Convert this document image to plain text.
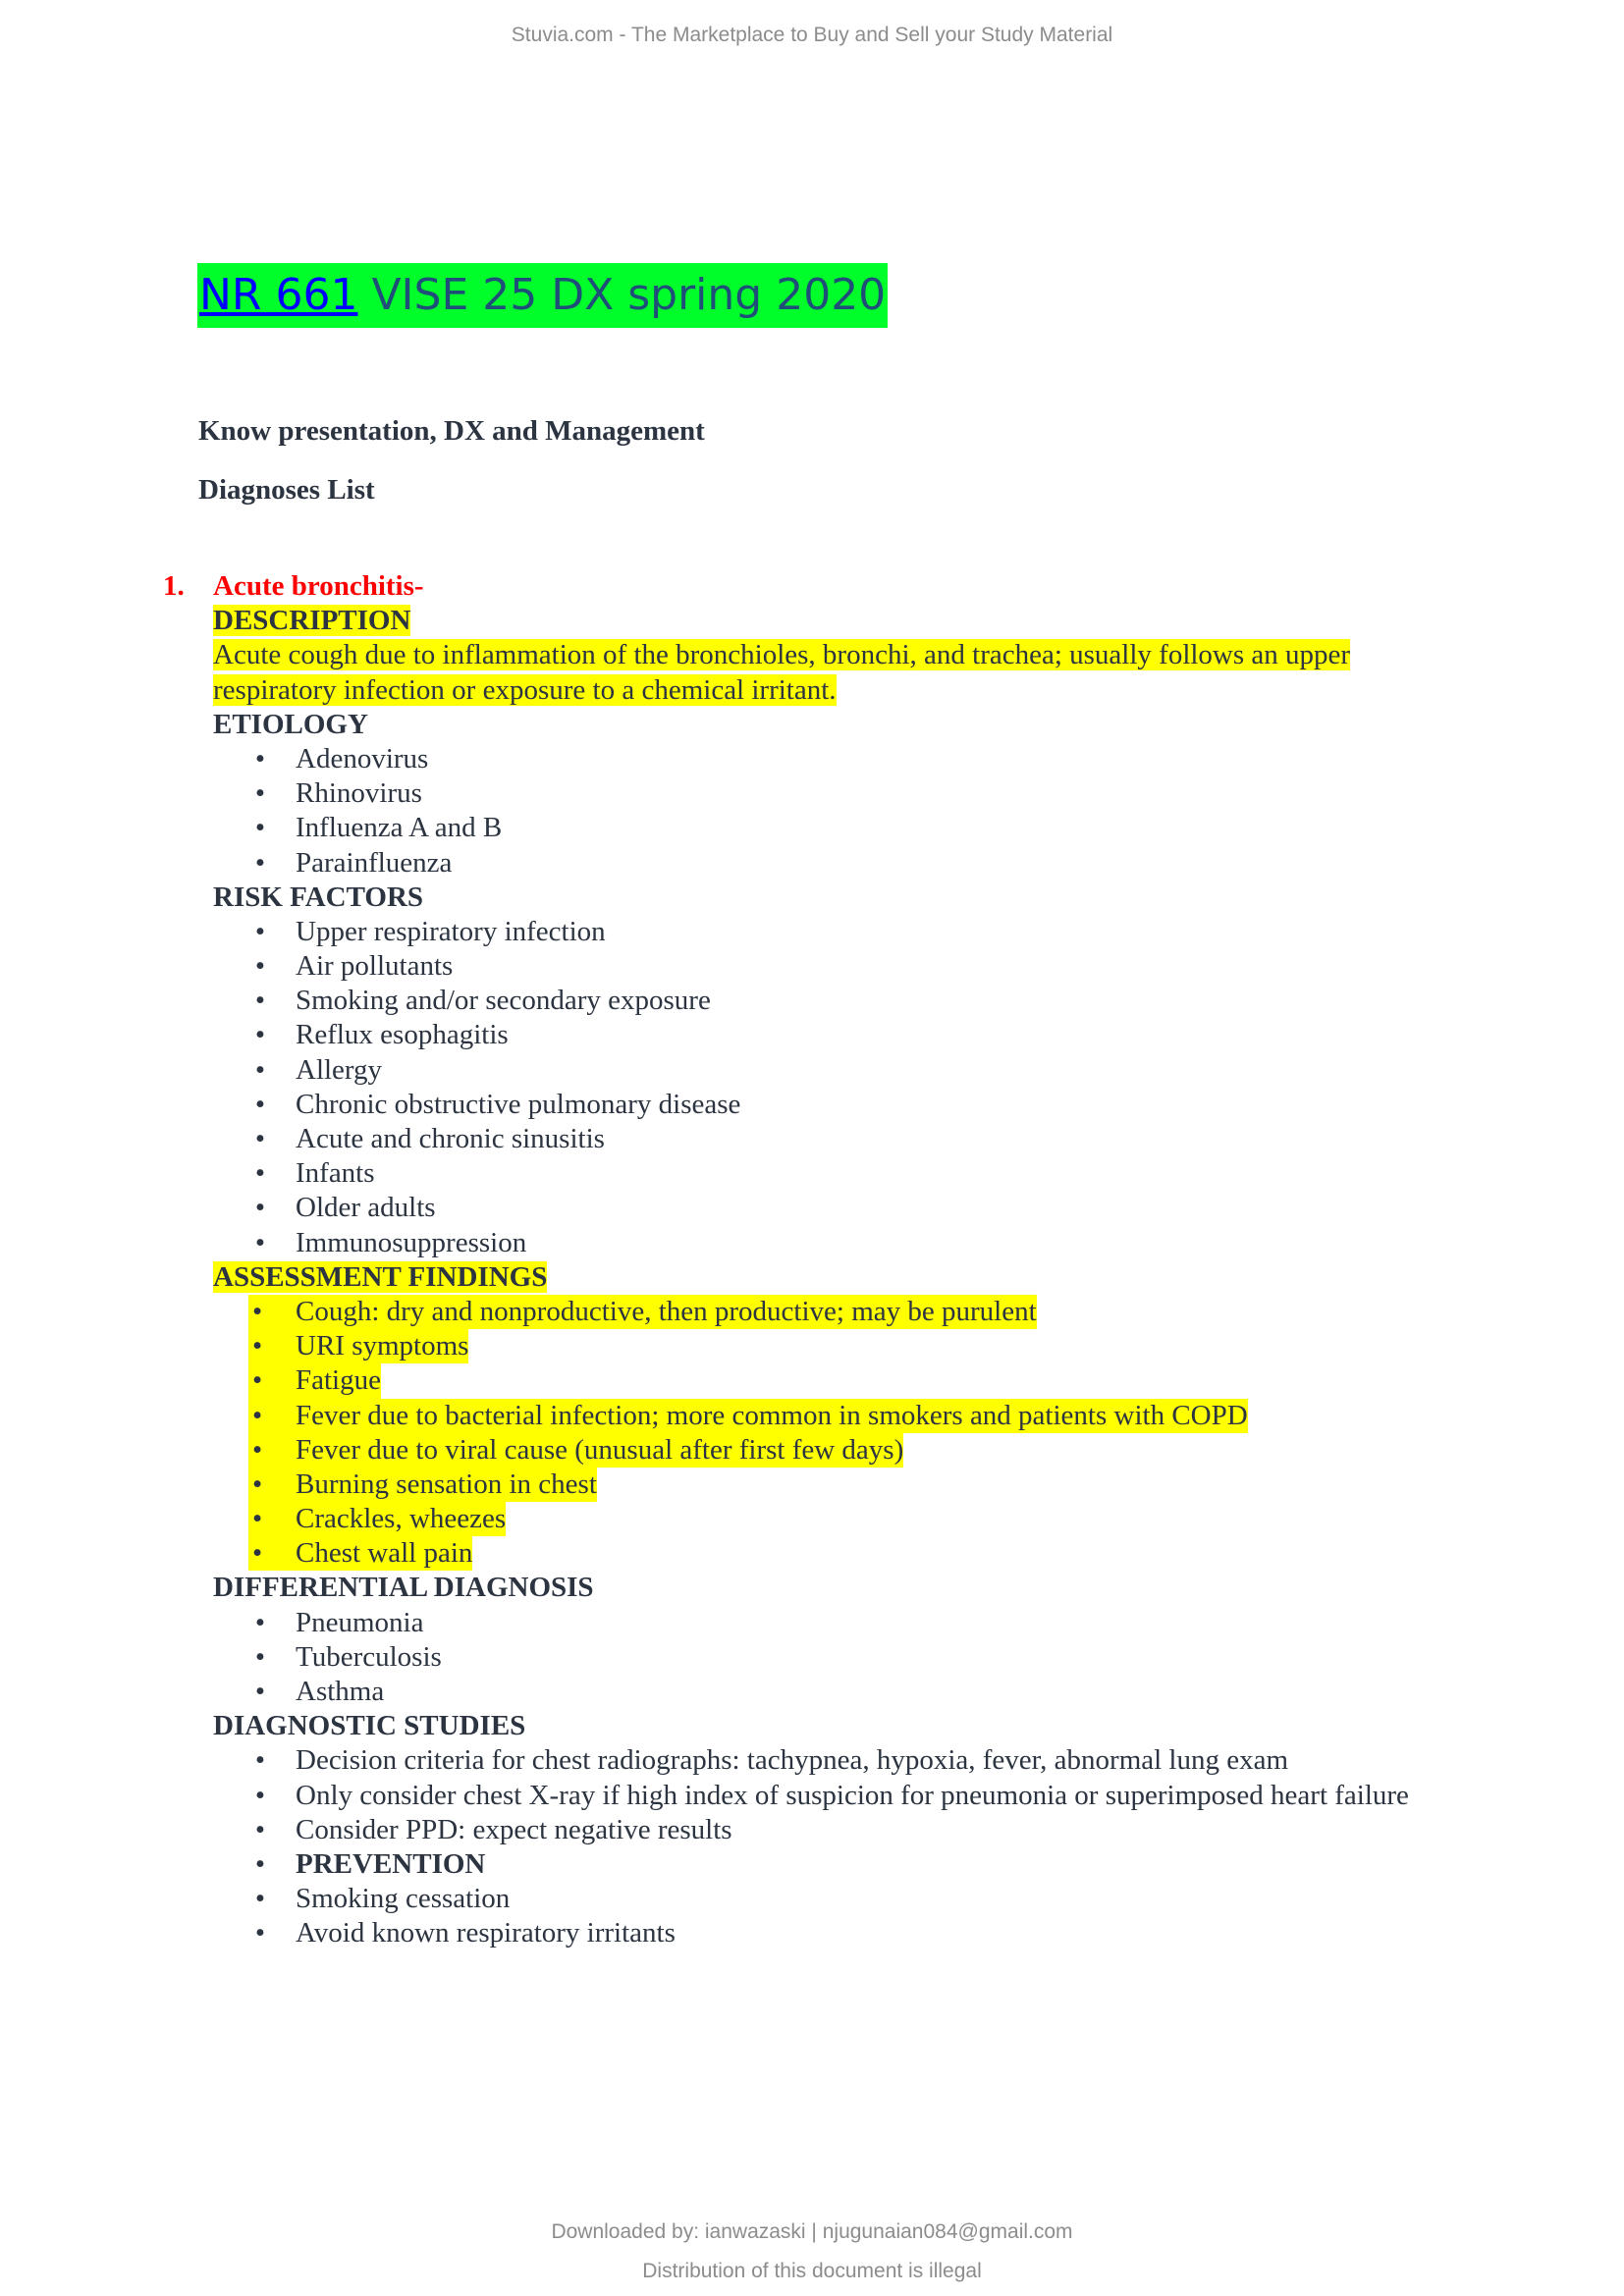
Stuvia.com - The Marketplace to Buy and Sell your Study Material
NR 661 VISE 25 DX spring 2020
Know presentation, DX and Management
Diagnoses List
1. Acute bronchitis-
DESCRIPTION
Acute cough due to inflammation of the bronchioles, bronchi, and trachea; usually follows an upper
respiratory infection or exposure to a chemical irritant.
ETIOLOGY
• Adenovirus
• Rhinovirus
• Influenza A and B
• Parainfluenza
RISK FACTORS
• Upper respiratory infection
• Air pollutants
• Smoking and/or secondary exposure
• Reflux esophagitis
• Allergy
• Chronic obstructive pulmonary disease
• Acute and chronic sinusitis
• Infants
• Older adults
• Immunosuppression
ASSESSMENT FINDINGS
•	Cough: dry and nonproductive, then productive; may be purulent
•	URI symptoms
•	Fatigue
•	Fever due to bacterial infection; more common in smokers and patients with COPD
•	Fever due to viral cause (unusual after first few days)
•	Burning sensation in chest
•	Crackles, wheezes
•	Chest wall pain
DIFFERENTIAL DIAGNOSIS
• Pneumonia
• Tuberculosis
• Asthma
DIAGNOSTIC STUDIES
• Decision criteria for chest radiographs: tachypnea, hypoxia, fever, abnormal lung exam
• Only consider chest X-ray if high index of suspicion for pneumonia or superimposed heart failure
• Consider PPD: expect negative results
• PREVENTION
• Smoking cessation
• Avoid known respiratory irritants
Downloaded by: ianwazaski | njugunaian084@gmail.com
Distribution of this document is illegal
